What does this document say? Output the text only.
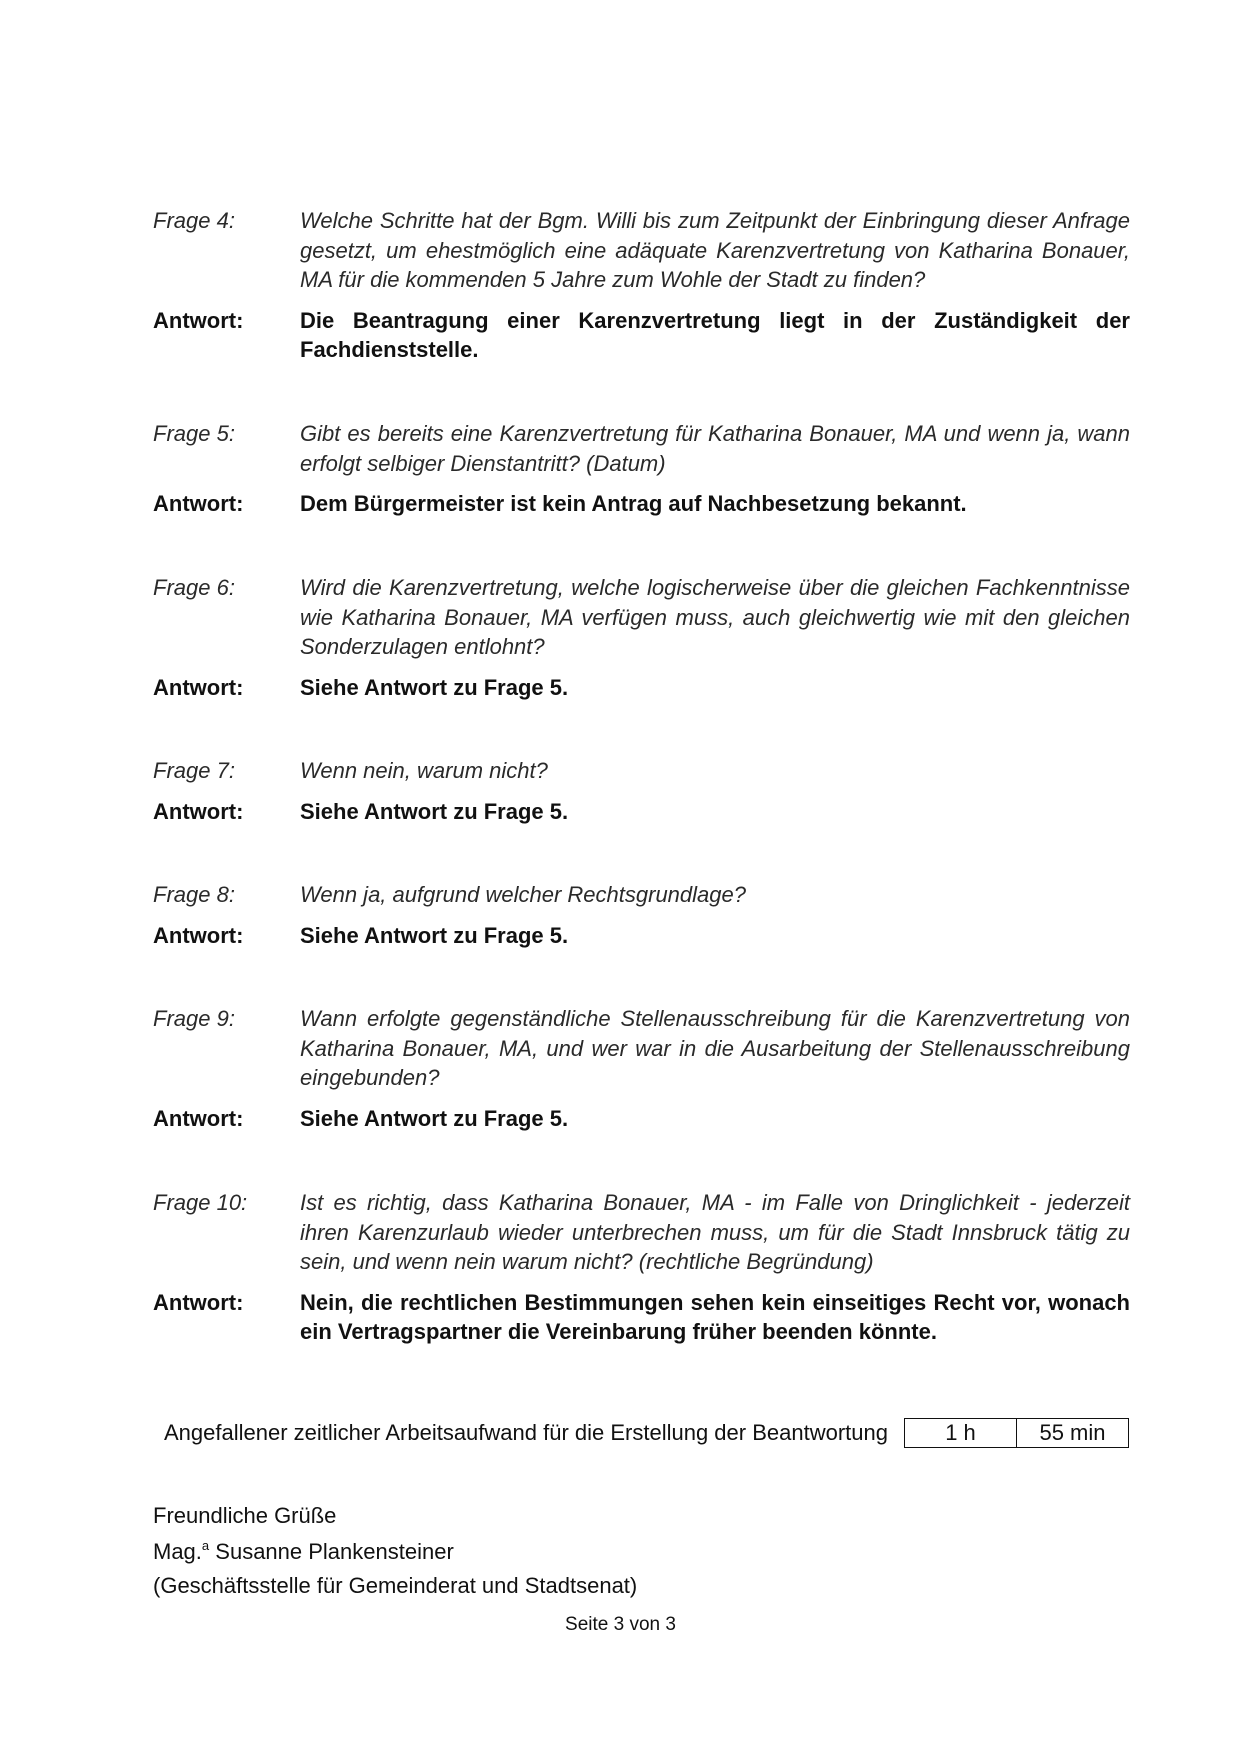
Frage 4:	Welche Schritte hat der Bgm. Willi bis zum Zeitpunkt der Einbringung dieser Anfrage gesetzt, um ehestmöglich eine adäquate Karenzvertretung von Katharina Bonauer, MA für die kommenden 5 Jahre zum Wohle der Stadt zu finden?
Antwort:	Die Beantragung einer Karenzvertretung liegt in der Zuständigkeit der Fachdienststelle.
Frage 5:	Gibt es bereits eine Karenzvertretung für Katharina Bonauer, MA und wenn ja, wann erfolgt selbiger Dienstantritt? (Datum)
Antwort:	Dem Bürgermeister ist kein Antrag auf Nachbesetzung bekannt.
Frage 6:	Wird die Karenzvertretung, welche logischerweise über die gleichen Fachkenntnisse wie Katharina Bonauer, MA verfügen muss, auch gleichwertig wie mit den gleichen Sonderzulagen entlohnt?
Antwort:	Siehe Antwort zu Frage 5.
Frage 7:	Wenn nein, warum nicht?
Antwort:	Siehe Antwort zu Frage 5.
Frage 8:	Wenn ja, aufgrund welcher Rechtsgrundlage?
Antwort:	Siehe Antwort zu Frage 5.
Frage 9:	Wann erfolgte gegenständliche Stellenausschreibung für die Karenzvertretung von Katharina Bonauer, MA, und wer war in die Ausarbeitung der Stellenausschreibung eingebunden?
Antwort:	Siehe Antwort zu Frage 5.
Frage 10:	Ist es richtig, dass Katharina Bonauer, MA - im Falle von Dringlichkeit - jederzeit ihren Karenzurlaub wieder unterbrechen muss, um für die Stadt Innsbruck tätig zu sein, und wenn nein warum nicht? (rechtliche Begründung)
Antwort:	Nein, die rechtlichen Bestimmungen sehen kein einseitiges Recht vor, wonach ein Vertragspartner die Vereinbarung früher beenden könnte.
Angefallener zeitlicher Arbeitsaufwand für die Erstellung der Beantwortung	1 h	55 min
Freundliche Grüße
Mag.$^a$ Susanne Plankensteiner
(Geschäftsstelle für Gemeinderat und Stadtsenat)
Seite 3 von 3
